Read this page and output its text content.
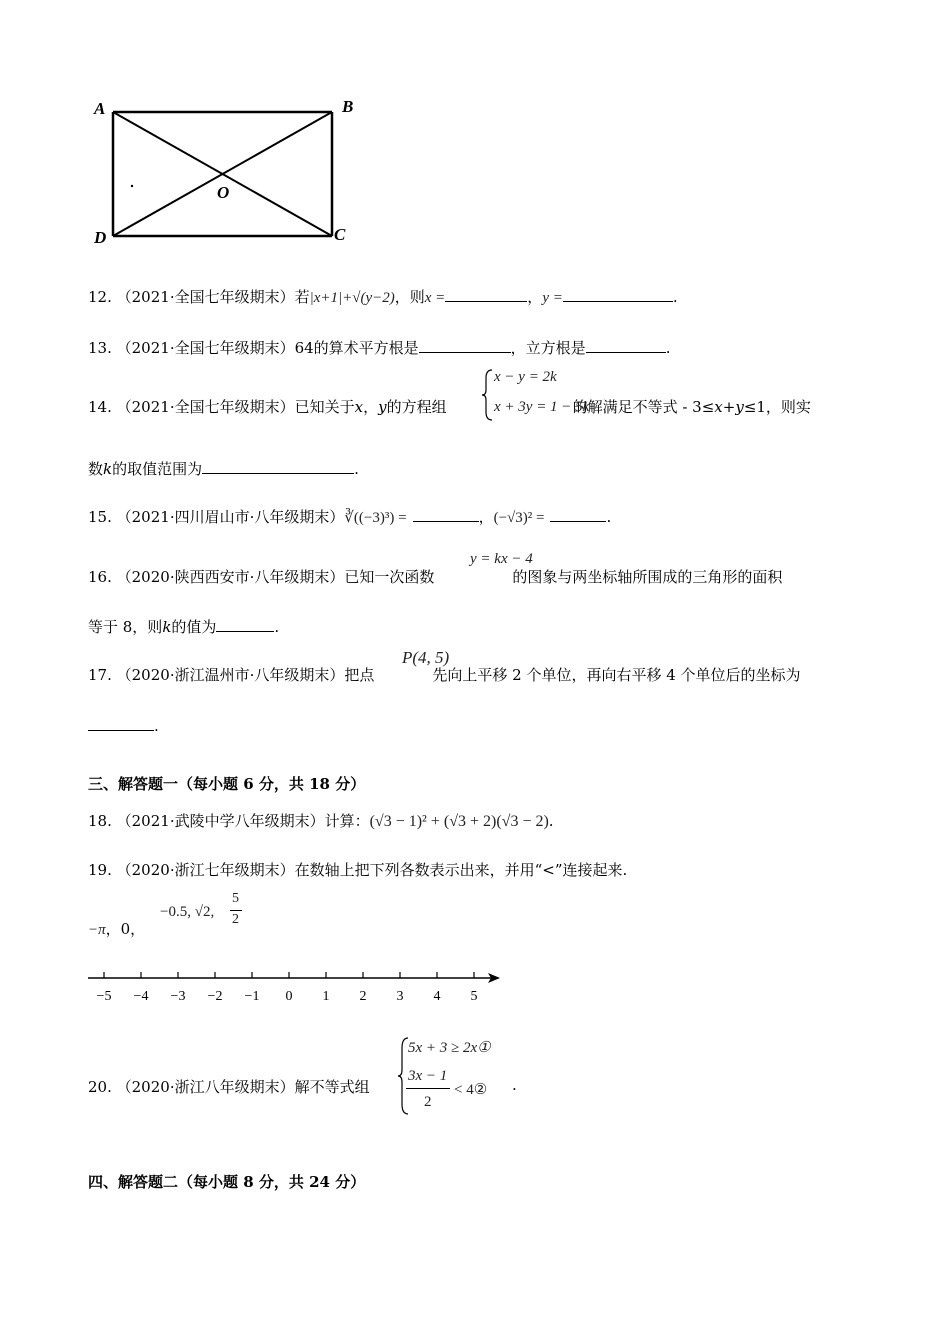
A	B
C
D
O
12. （2021·全国七年级期末）若|x+1|+√(y−2)，则x =	，y =	.
13. （2021·全国七年级期末）64的算术平方根是	，立方根是	.
14. （2021·全国七年级期末）已知关于x，y的方程组	的解满足不等式 - 3≤x+y≤1，则实
x − y = 2k
x + 3y = 1 − 5k
数k的取值范围为	.
15. （2021·四川眉山市·八年级期末）∛((−3)³) =	，(−√3)² =	.
16. （2020·陕西西安市·八年级期末）已知一次函数	的图象与两坐标轴所围成的三角形的面积
y = kx − 4
等于 8，则k的值为	.
17. （2020·浙江温州市·八年级期末）把点	先向上平移 2 个单位，再向右平移 4 个单位后的坐标为
P(4, 5)
.
三、解答题一（每小题 6 分，共 18 分）
18. （2021·武陵中学八年级期末）计算：(√3 − 1)² + (√3 + 2)(√3 − 2).
19. （2020·浙江七年级期末）在数轴上把下列各数表示出来，并用“<”连接起来.
−π，0，
−0.5, √2,
5
2
−5 −4 −3 −2 −1 0 1 2 3 4 5
20. （2020·浙江八年级期末）解不等式组
5x + 3 ≥ 2x①
3x − 1
2
< 4② .
四、解答题二（每小题 8 分，共 24 分）
